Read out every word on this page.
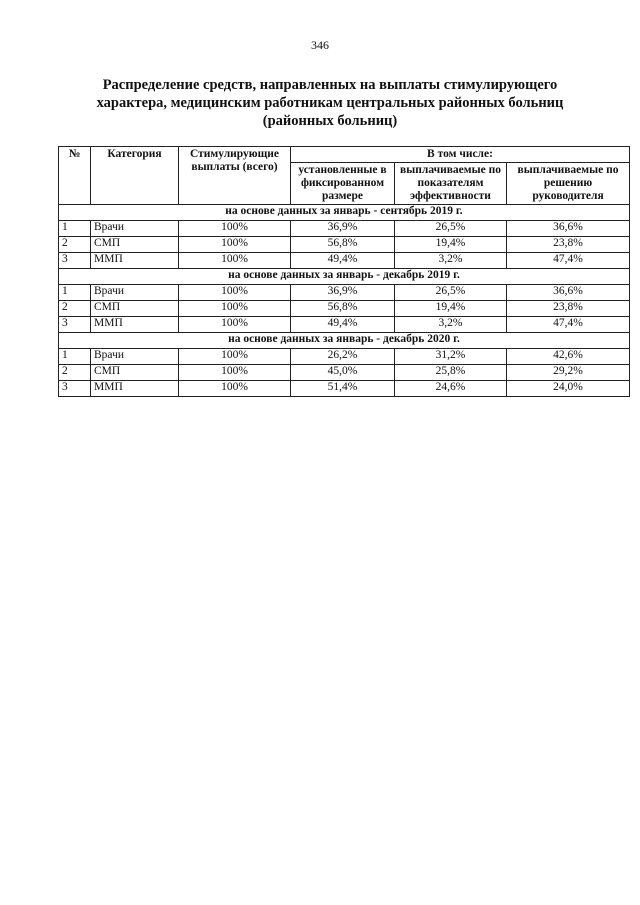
346
Распределение средств, направленных на выплаты стимулирующего
характера, медицинским работникам центральных районных больниц
(районных больниц)
№	Категория	Стимулирующие выплаты (всего)	В том числе:		
			установленные в фиксированном размере	выплачиваемые по показателям эффективности	выплачиваемые по решению руководителя
на основе данных за январь - сентябрь 2019 г.					
1	Врачи	100%	36,9%	26,5%	36,6%
2	СМП	100%	56,8%	19,4%	23,8%
3	ММП	100%	49,4%	3,2%	47,4%
на основе данных за январь - декабрь 2019 г.					
1	Врачи	100%	36,9%	26,5%	36,6%
2	СМП	100%	56,8%	19,4%	23,8%
3	ММП	100%	49,4%	3,2%	47,4%
на основе данных за январь - декабрь 2020 г.					
1	Врачи	100%	26,2%	31,2%	42,6%
2	СМП	100%	45,0%	25,8%	29,2%
3	ММП	100%	51,4%	24,6%	24,0%
